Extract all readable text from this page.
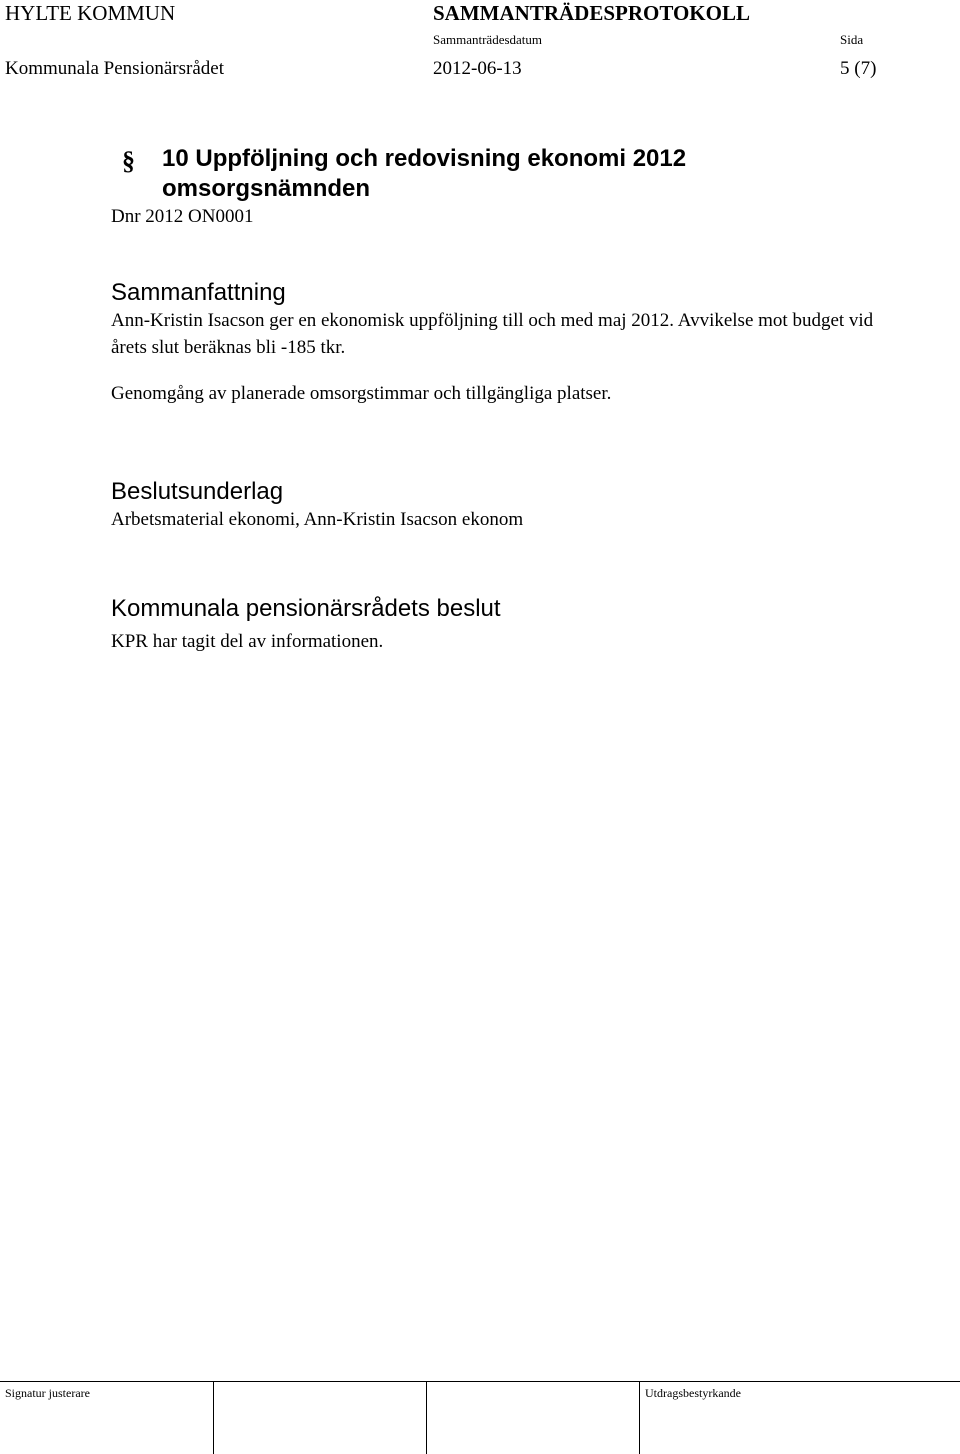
HYLTE KOMMUN	SAMMANTRÄDESPROTOKOLL
Sammanträdesdatum	Sida
Kommunala Pensionärsrådet	2012-06-13	5 (7)
§ 10 Uppföljning och redovisning ekonomi 2012 omsorgsnämnden
Dnr 2012 ON0001
Sammanfattning
Ann-Kristin Isacson ger en ekonomisk uppföljning till och med maj 2012. Avvikelse mot budget vid årets slut beräknas bli -185 tkr.
Genomgång av planerade omsorgstimmar och tillgängliga platser.
Beslutsunderlag
Arbetsmaterial ekonomi, Ann-Kristin Isacson ekonom
Kommunala pensionärsrådets beslut
KPR har tagit del av informationen.
Signatur justerare	Utdragsbestyrkande
